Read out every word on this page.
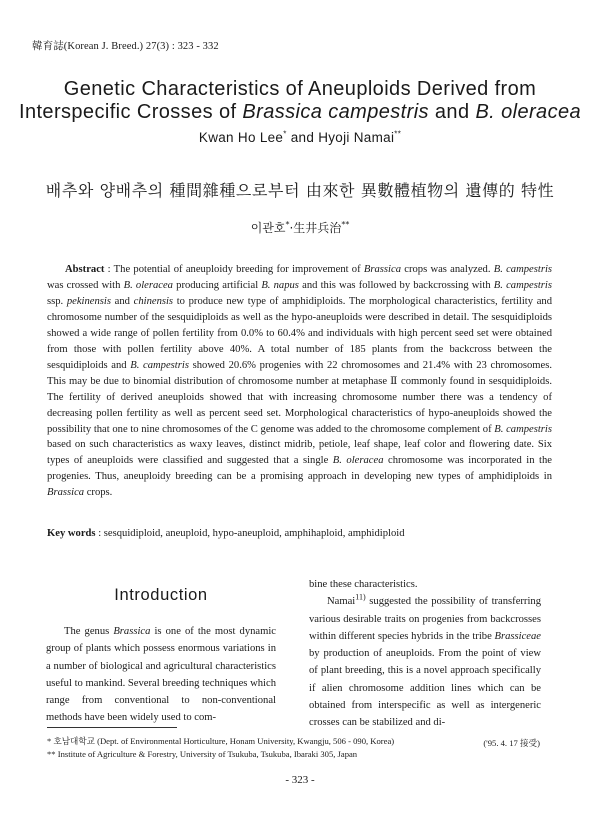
韓育誌(Korean J. Breed.) 27(3) : 323 - 332
Genetic Characteristics of Aneuploids Derived from
Interspecific Crosses of Brassica campestris and B. oleracea
Kwan Ho Lee* and Hyoji Namai**
배추와 양배추의 種間雜種으로부터 由來한 異數體植物의 遺傳的 特性
이관호*·生井兵治**
Abstract : The potential of aneuploidy breeding for improvement of Brassica crops was analyzed. B. campestris was crossed with B. oleracea producing artificial B. napus and this was followed by backcrossing with B. campestris ssp. pekinensis and chinensis to produce new type of amphidiploids. The morphological characteristics, fertility and chromosome number of the sesquidiploids as well as the hypo-aneuploids were described in detail. The sesquidiploids showed a wide range of pollen fertility from 0.0% to 60.4% and individuals with high percent seed set were obtained from those with pollen fertility above 40%. A total number of 185 plants from the backcross between the sesquidiploids and B. campestris showed 20.6% progenies with 22 chromosomes and 21.4% with 23 chromosomes. This may be due to binomial distribution of chromosome number at metaphase Ⅱ commonly found in sesquidiploids. The fertility of derived aneuploids showed that with increasing chromosome number there was a tendency of decreasing pollen fertility as well as percent seed set. Morphological characteristics of hypo-aneuploids showed the possibility that one to nine chromosomes of the C genome was added to the chromosome complement of B. campestris based on such characteristics as waxy leaves, distinct midrib, petiole, leaf shape, leaf color and flowering date. Six types of aneuploids were classified and suggested that a single B. oleracea chromosome was incorporated in the progenies. Thus, aneuploidy breeding can be a promising approach in developing new types of amphidiploids in Brassica crops.
Key words : sesquidiploid, aneuploid, hypo-aneuploid, amphihaploid, amphidiploid
Introduction

The genus Brassica is one of the most dynamic group of plants which possess enormous variations in a number of biological and agricultural characteristics useful to mankind. Several breeding techniques which range from conventional to non-conventional methods have been widely used to com-

bine these characteristics.

Namai$^{11)}$ suggested the possibility of transferring various desirable traits on progenies from backcrosses within different species hybrids in the tribe Brassiceae by production of aneuploids. From the point of view of plant breeding, this is a novel approach specifically if alien chromosome addition lines which can be obtained from interspecific as well as intergeneric crosses can be stabilized and di-

* 호남대학교 (Dept. of Environmental Horticulture, Honam University, Kwangju, 506 - 090, Korea)
** Institute of Agriculture & Forestry, University of Tsukuba, Tsukuba, Ibaraki 305, Japan
('95. 4. 17 接受)
- 323 -
